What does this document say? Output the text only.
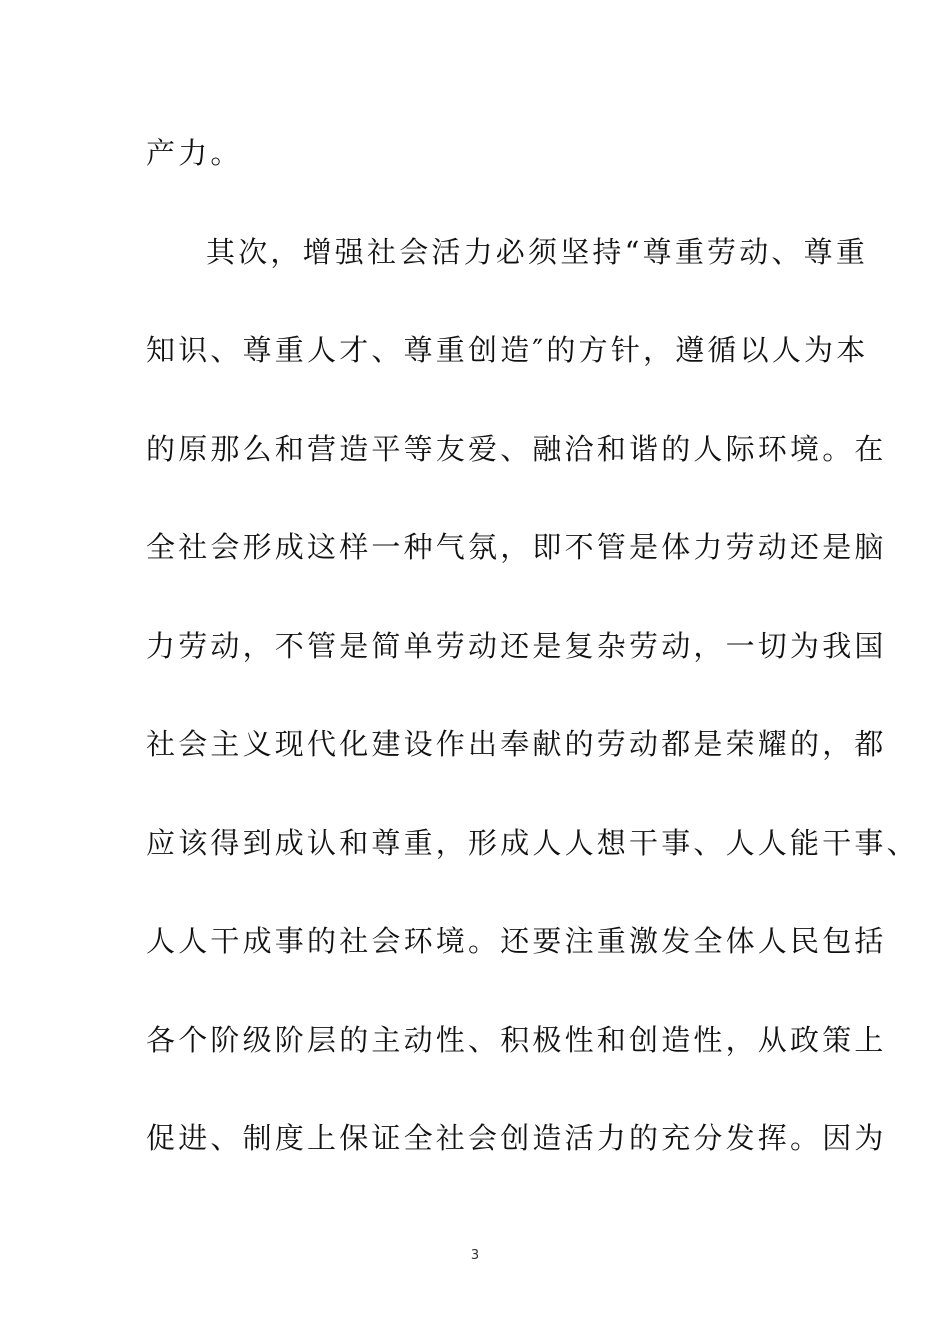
产力。
其次，增强社会活力必须坚持“尊重劳动、尊重
知识、尊重人才、尊重创造″的方针，遵循以人为本
的原那么和营造平等友爱、融洽和谐的人际环境。在
全社会形成这样一种气氛，即不管是体力劳动还是脑
力劳动，不管是简单劳动还是复杂劳动，一切为我国
社会主义现代化建设作出奉献的劳动都是荣耀的，都
应该得到成认和尊重，形成人人想干事、人人能干事、
人人干成事的社会环境。还要注重激发全体人民包括
各个阶级阶层的主动性、积极性和创造性，从政策上
促进、制度上保证全社会创造活力的充分发挥。因为
3
